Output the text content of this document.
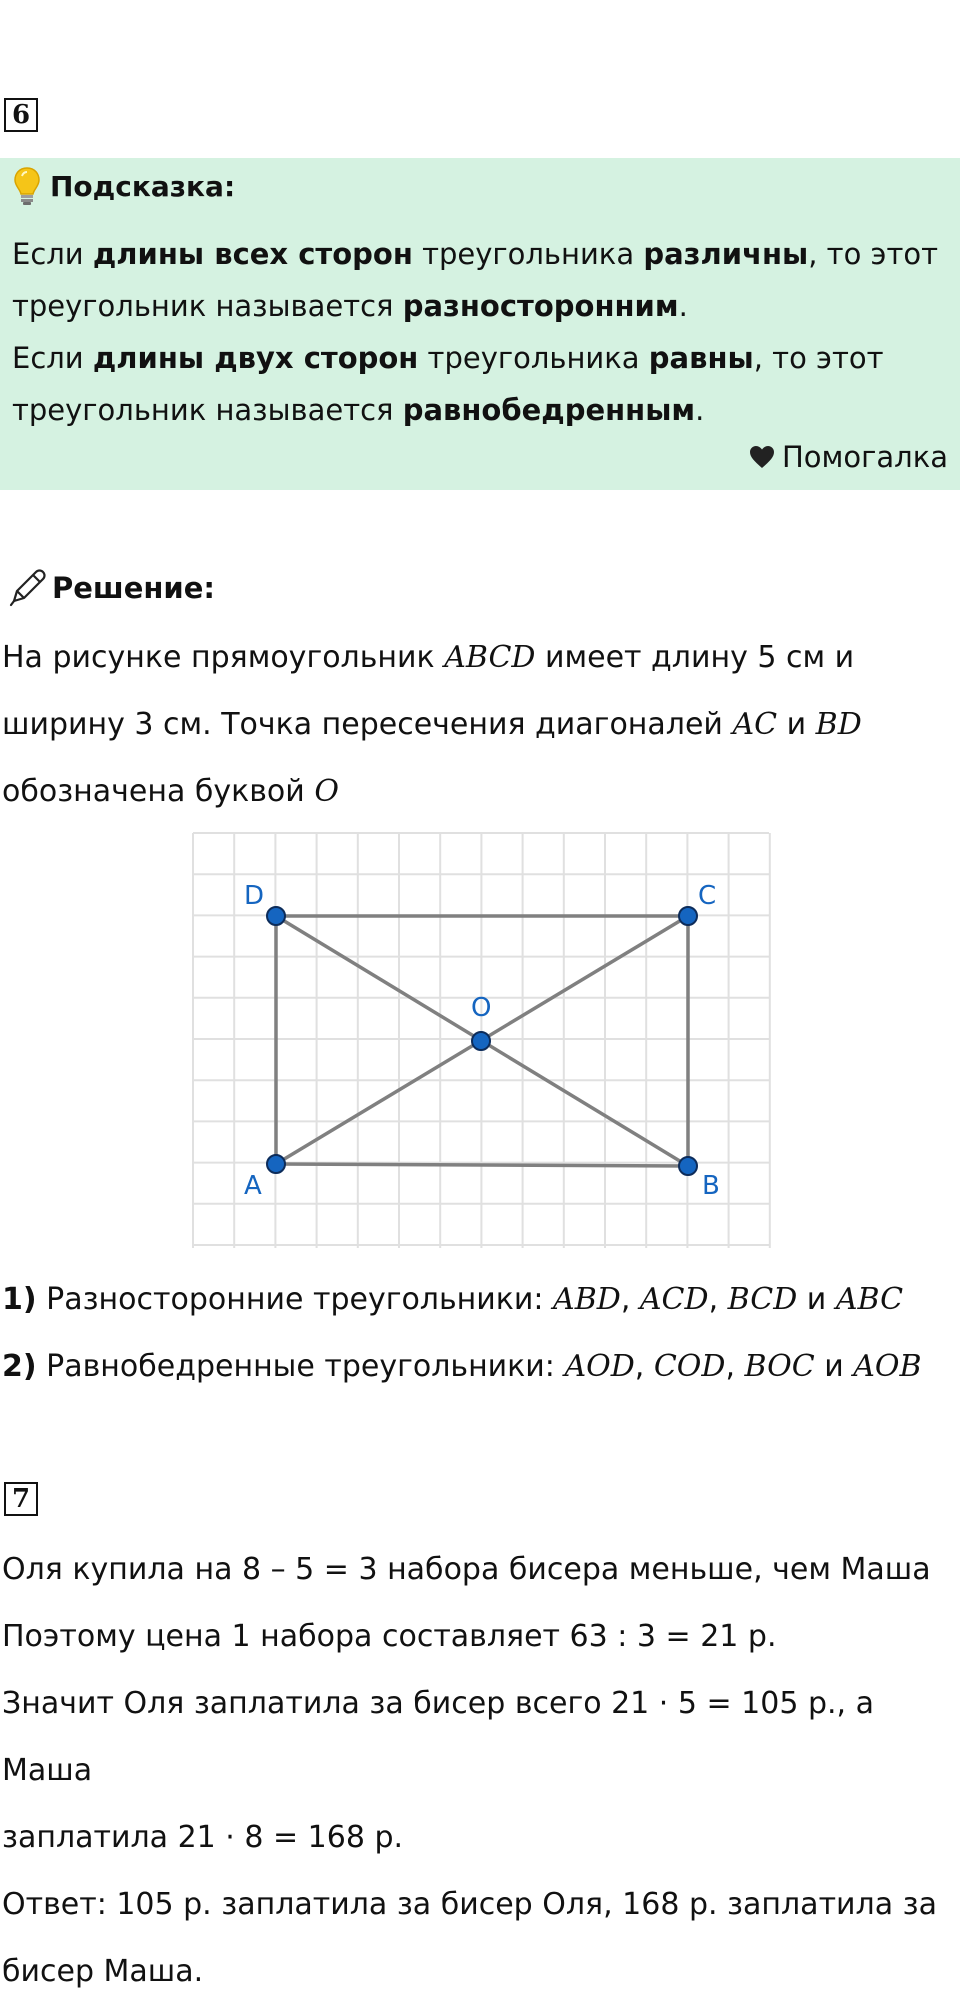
6
Подсказка:
Если длины всех сторон треугольника различны, то этот
треугольник называется разносторонним.
Если длины двух сторон треугольника равны, то этот
треугольник называется равнобедренным.
Помогалка
Решение:
На рисунке прямоугольник ABCD имеет длину 5 см и
ширину 3 см. Точка пересечения диагоналей AC и BD
обозначена буквой O
A	B
C
D
O
1) Разносторонние треугольники: ABD, ACD, BCD и ABC
2) Равнобедренные треугольники: AOD, COD, BOC и AOB
7
Оля купила на 8 – 5 = 3 набора бисера меньше, чем Маша
Поэтому цена 1 набора составляет 63 : 3 = 21 р.
Значит Оля заплатила за бисер всего 21 · 5 = 105 р., а Маша
заплатила 21 · 8 = 168 р.
Ответ: 105 р. заплатила за бисер Оля, 168 р. заплатила за
бисер Маша.
